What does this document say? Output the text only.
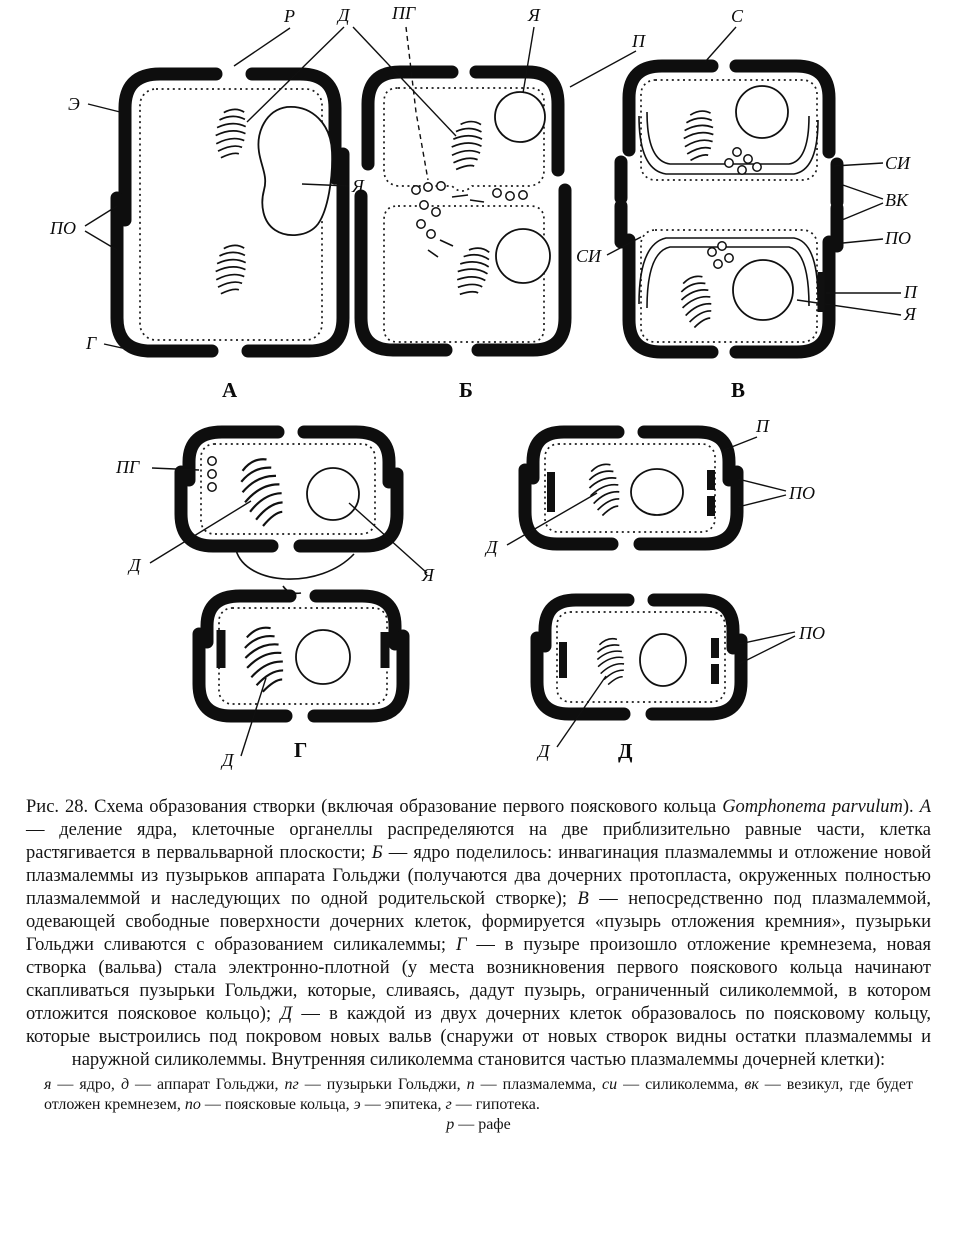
Р Д ПГ	Я
П
С
Э
ПО
Г
Я
СИ
СИ
ВК
ПО
П
Я
ПГ
Д	Я
Д
П
ПО
Д
ПО
Д
А	Б	В
Г	Д

Рис. 28. Схема образования створки (включая образование первого пояскового кольца Gomphonema parvulum). А — деление ядра, клеточные органеллы распределяются на две приблизительно равные части, клетка растягивается в первальварной плоскости; Б — ядро поделилось: инвагинация плазмалеммы и отложение новой плазмалеммы из пузырьков аппарата Гольджи (получаются два дочерних протопласта, окруженных полностью плазмалеммой и наследующих по одной родительской створке); В — непосредственно под плазмалеммой, одевающей свободные поверхности дочерних клеток, формируется «пузырь отложения кремния», пузырьки Гольджи сливаются с образованием силикалеммы; Г — в пузыре произошло отложение кремнезема, новая створка (вальва) стала электронно-плотной (у места возникновения первого пояскового кольца начинают скапливаться пузырьки Гольджи, которые, сливаясь, дадут пузырь, ограниченный силиколеммой, в котором отложится поясковое кольцо); Д — в каждой из двух дочерних клеток образовалось по поясковому кольцу, которые выстроились под покровом новых вальв (снаружи от новых створок видны остатки плазмалеммы и наружной силиколеммы. Внутренняя силиколемма становится частью плазмалеммы дочерней клетки):

я — ядро, д — аппарат Гольджи, пг — пузырьки Гольджи, п — плазмалемма, си — силиколемма, вк — везикул, где будет отложен кремнезем, по — поясковые кольца, э — эпитека, г — гипотека.

р — рафе
